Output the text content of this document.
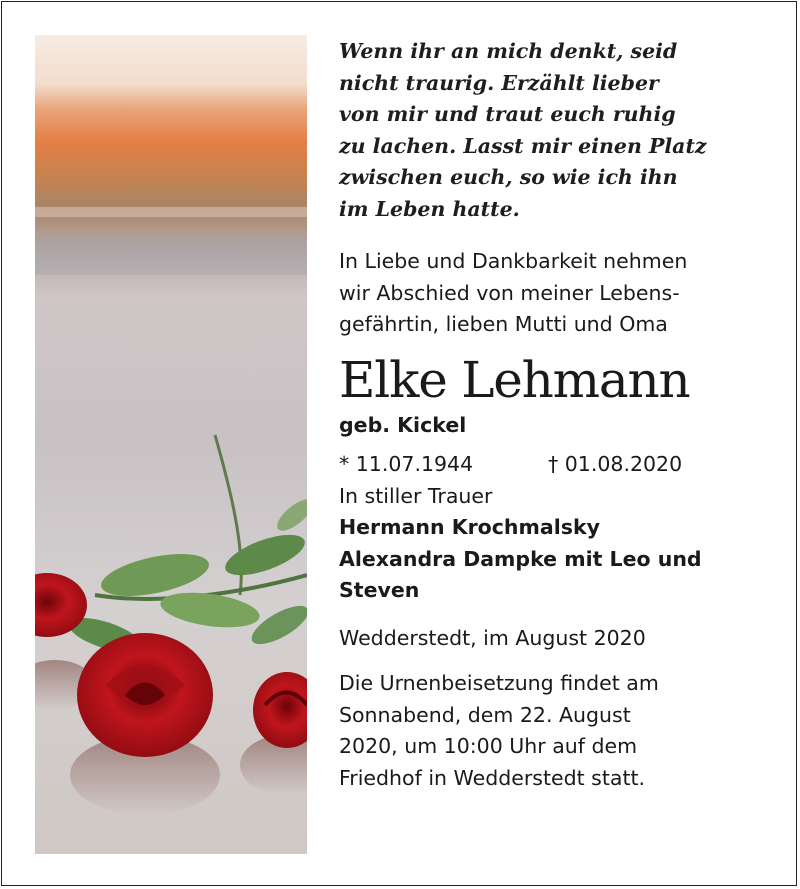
Wenn ihr an mich denkt, seid
nicht traurig. Erzählt lieber
von mir und traut euch ruhig
zu lachen. Lasst mir einen Platz
zwischen euch, so wie ich ihn
im Leben hatte.
In Liebe und Dankbarkeit nehmen
wir Abschied von meiner Lebens-
gefährtin, lieben Mutti und Oma
Elke Lehmann
geb. Kickel
* 11.07.1944	† 01.08.2020
In stiller Trauer
Hermann Krochmalsky
Alexandra Dampke mit Leo und
Steven
Wedderstedt, im August 2020
Die Urnenbeisetzung findet am
Sonnabend, dem 22. August
2020, um 10:00 Uhr auf dem
Friedhof in Wedderstedt statt.
